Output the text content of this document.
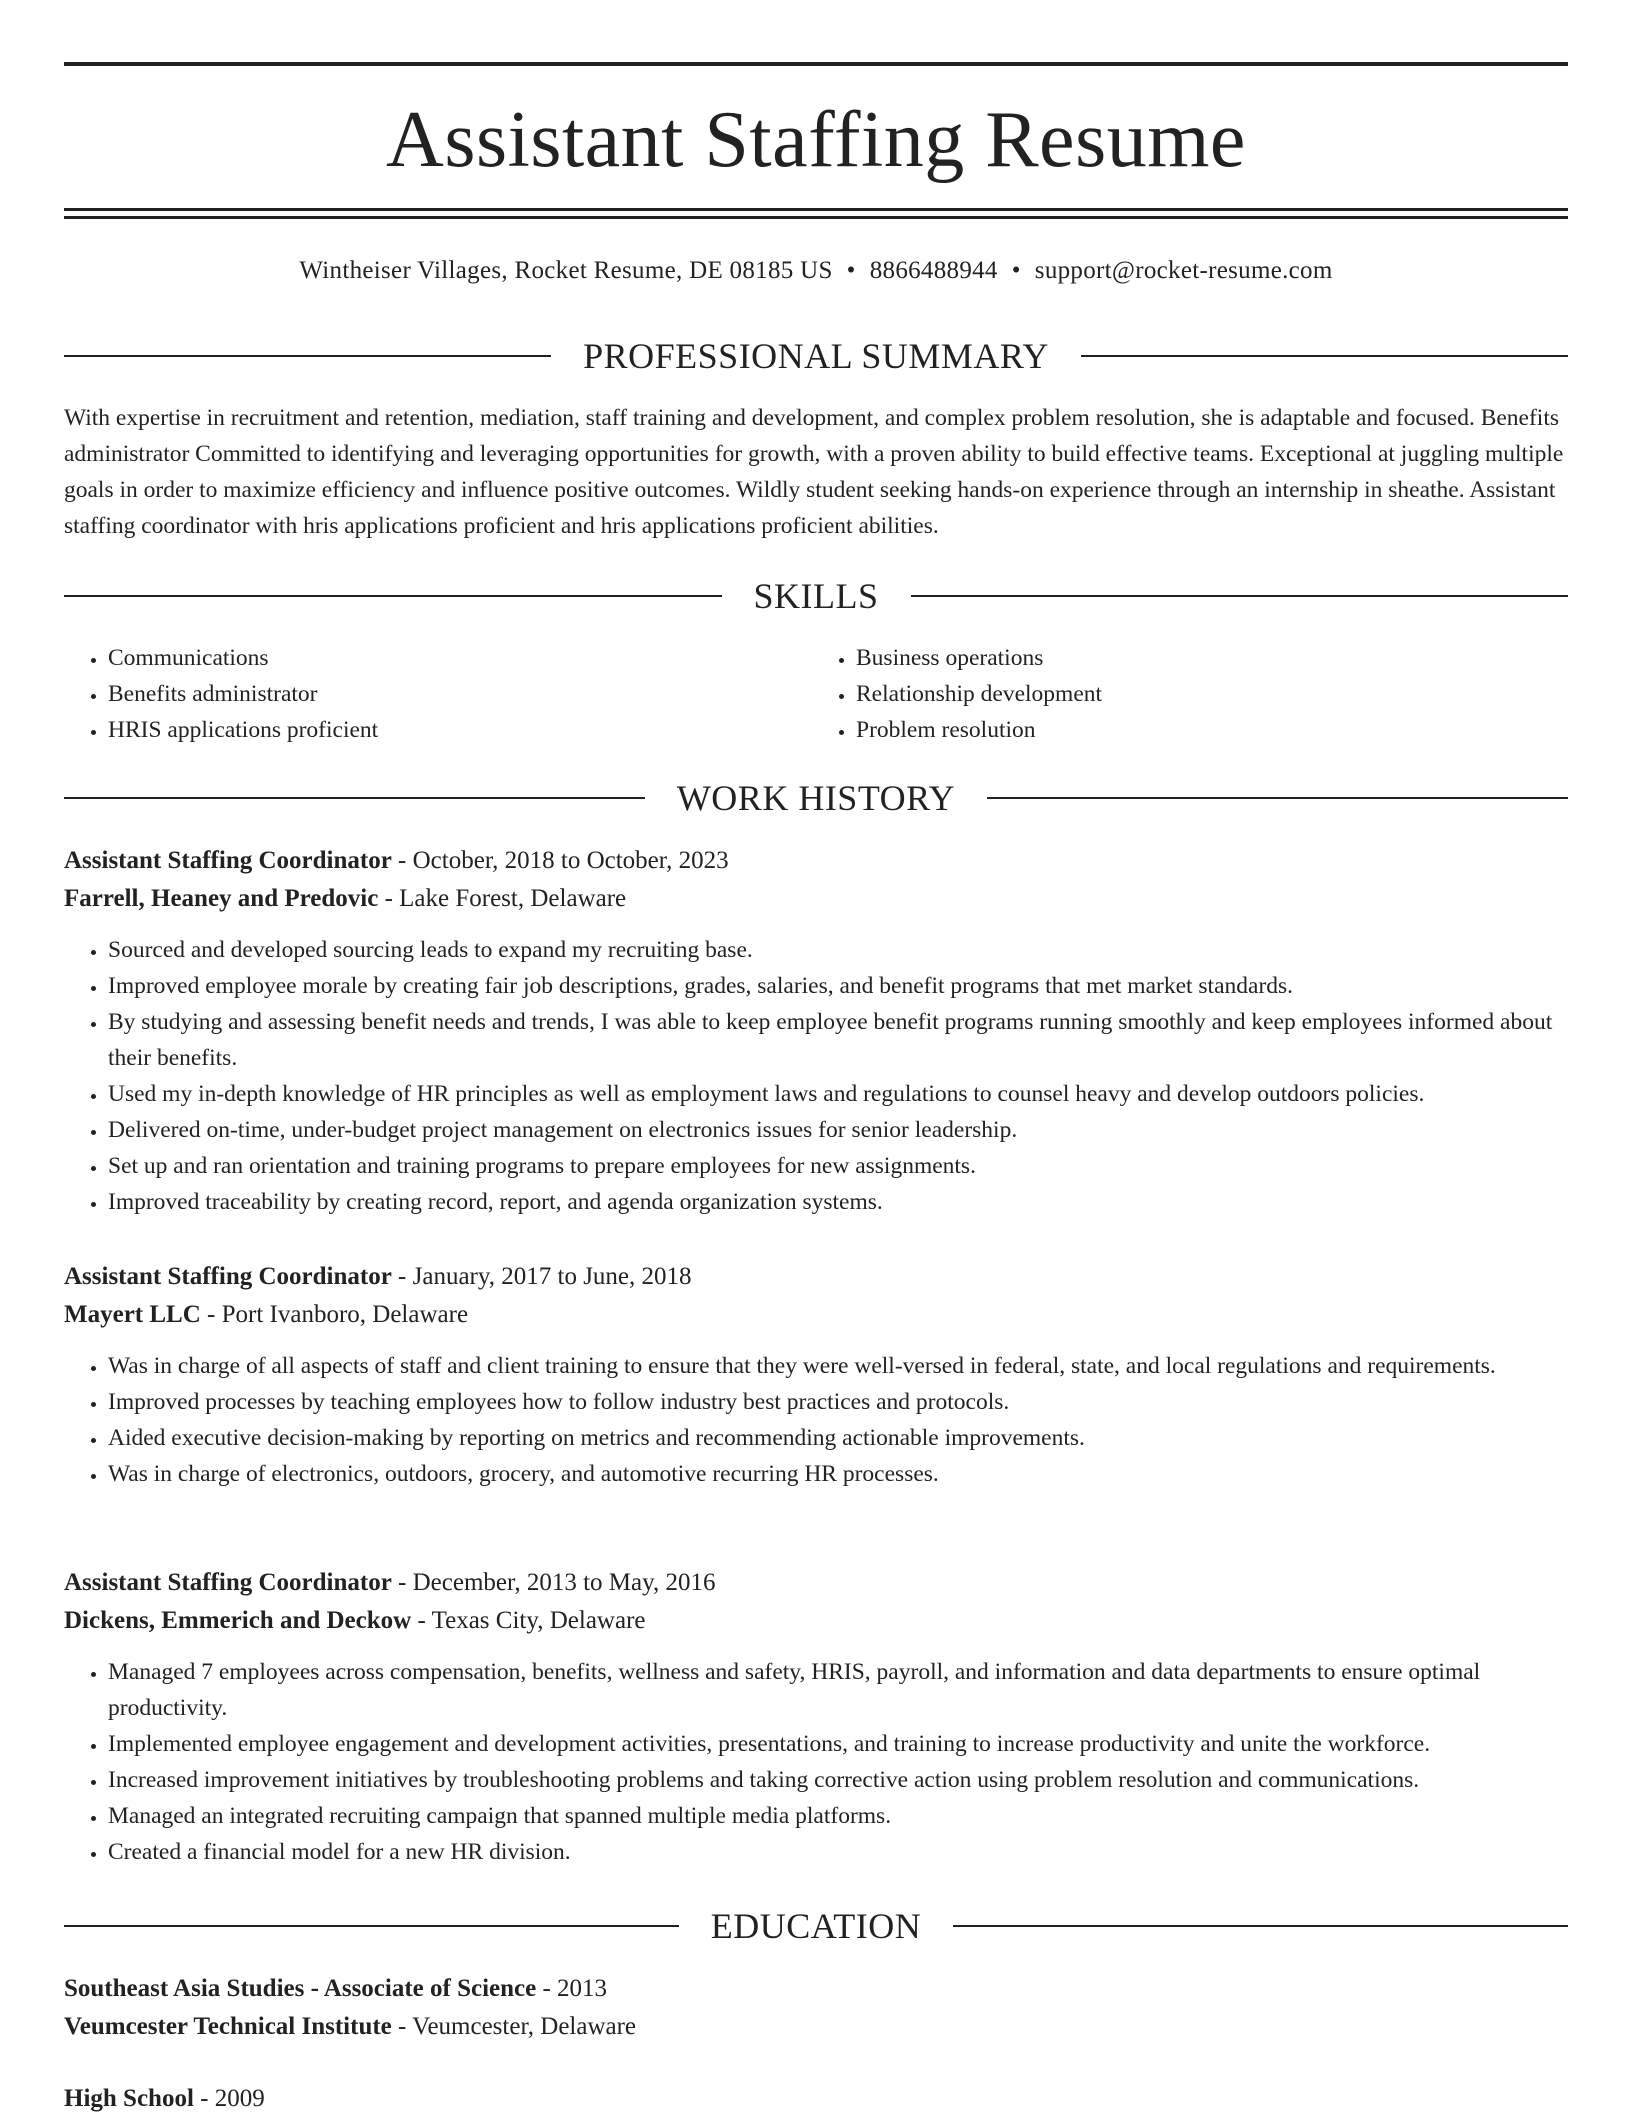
Assistant Staffing Resume
Wintheiser Villages, Rocket Resume, DE 08185 US • 8866488944 • support@rocket-resume.com
PROFESSIONAL SUMMARY
With expertise in recruitment and retention, mediation, staff training and development, and complex problem resolution, she is adaptable and focused. Benefits administrator Committed to identifying and leveraging opportunities for growth, with a proven ability to build effective teams. Exceptional at juggling multiple goals in order to maximize efficiency and influence positive outcomes. Wildly student seeking hands-on experience through an internship in sheathe. Assistant staffing coordinator with hris applications proficient and hris applications proficient abilities.
SKILLS
• Communications
• Benefits administrator
• HRIS applications proficient
• Business operations
• Relationship development
• Problem resolution
WORK HISTORY
Assistant Staffing Coordinator - October, 2018 to October, 2023
Farrell, Heaney and Predovic - Lake Forest, Delaware
• Sourced and developed sourcing leads to expand my recruiting base.
• Improved employee morale by creating fair job descriptions, grades, salaries, and benefit programs that met market standards.
• By studying and assessing benefit needs and trends, I was able to keep employee benefit programs running smoothly and keep employees informed about their benefits.
• Used my in-depth knowledge of HR principles as well as employment laws and regulations to counsel heavy and develop outdoors policies.
• Delivered on-time, under-budget project management on electronics issues for senior leadership.
• Set up and ran orientation and training programs to prepare employees for new assignments.
• Improved traceability by creating record, report, and agenda organization systems.
Assistant Staffing Coordinator - January, 2017 to June, 2018
Mayert LLC - Port Ivanboro, Delaware
• Was in charge of all aspects of staff and client training to ensure that they were well-versed in federal, state, and local regulations and requirements.
• Improved processes by teaching employees how to follow industry best practices and protocols.
• Aided executive decision-making by reporting on metrics and recommending actionable improvements.
• Was in charge of electronics, outdoors, grocery, and automotive recurring HR processes.
Assistant Staffing Coordinator - December, 2013 to May, 2016
Dickens, Emmerich and Deckow - Texas City, Delaware
• Managed 7 employees across compensation, benefits, wellness and safety, HRIS, payroll, and information and data departments to ensure optimal productivity.
• Implemented employee engagement and development activities, presentations, and training to increase productivity and unite the workforce.
• Increased improvement initiatives by troubleshooting problems and taking corrective action using problem resolution and communications.
• Managed an integrated recruiting campaign that spanned multiple media platforms.
• Created a financial model for a new HR division.
EDUCATION
Southeast Asia Studies - Associate of Science - 2013
Veumcester Technical Institute - Veumcester, Delaware
High School - 2009
